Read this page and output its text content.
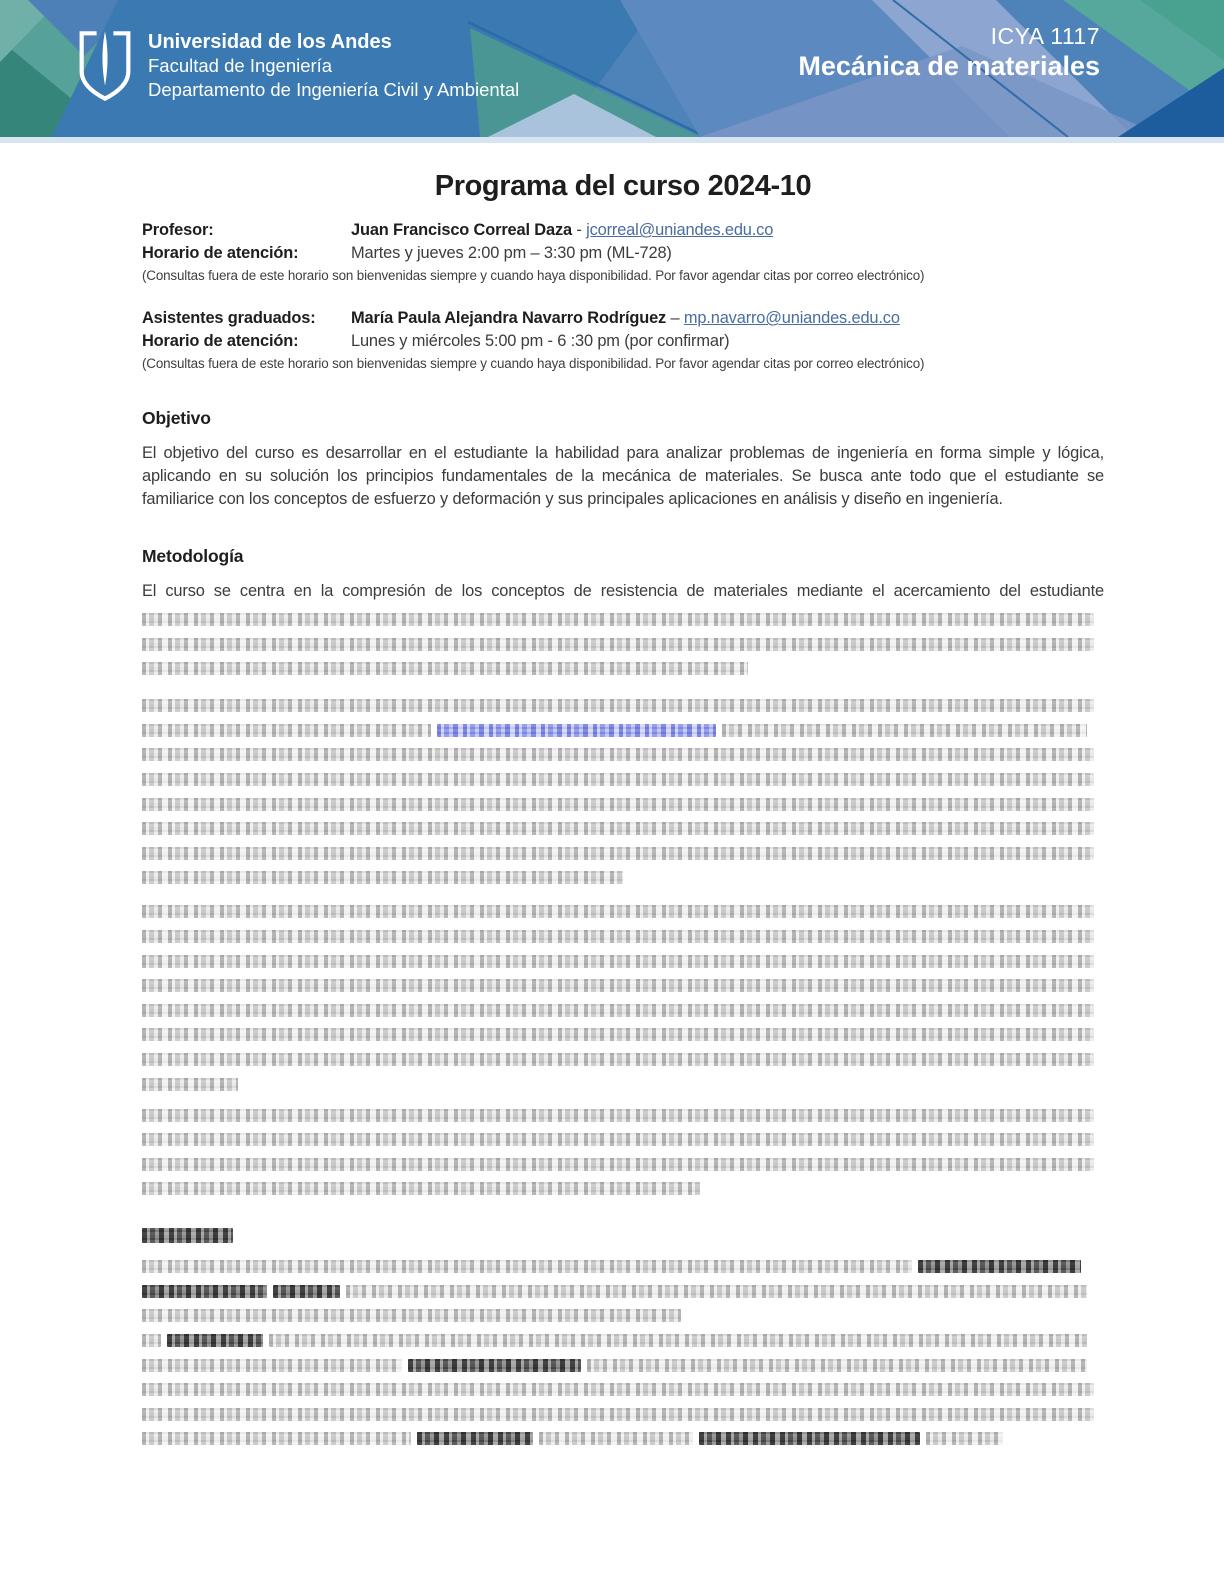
Universidad de los Andes
Facultad de Ingeniería
Departamento de Ingeniería Civil y Ambiental
ICYA 1117
Mecánica de materiales
Programa del curso 2024-10
Profesor:	Juan Francisco Correal Daza - jcorreal@uniandes.edu.co
Horario de atención:	Martes y jueves 2:00 pm – 3:30 pm (ML-728)
(Consultas fuera de este horario son bienvenidas siempre y cuando haya disponibilidad. Por favor agendar citas por correo electrónico)
Asistentes graduados:	María Paula Alejandra Navarro Rodríguez – mp.navarro@uniandes.edu.co
Horario de atención:	Lunes y miércoles 5:00 pm - 6 :30 pm (por confirmar)
(Consultas fuera de este horario son bienvenidas siempre y cuando haya disponibilidad. Por favor agendar citas por correo electrónico)
Objetivo

El objetivo del curso es desarrollar en el estudiante la habilidad para analizar problemas de ingeniería en forma simple y lógica, aplicando en su solución los principios fundamentales de la mecánica de materiales. Se busca ante todo que el estudiante se familiarice con los conceptos de esfuerzo y deformación y sus principales aplicaciones en análisis y diseño en ingeniería.

Metodología

El curso se centra en la compresión de los conceptos de resistencia de materiales mediante el acercamiento del estudiante
